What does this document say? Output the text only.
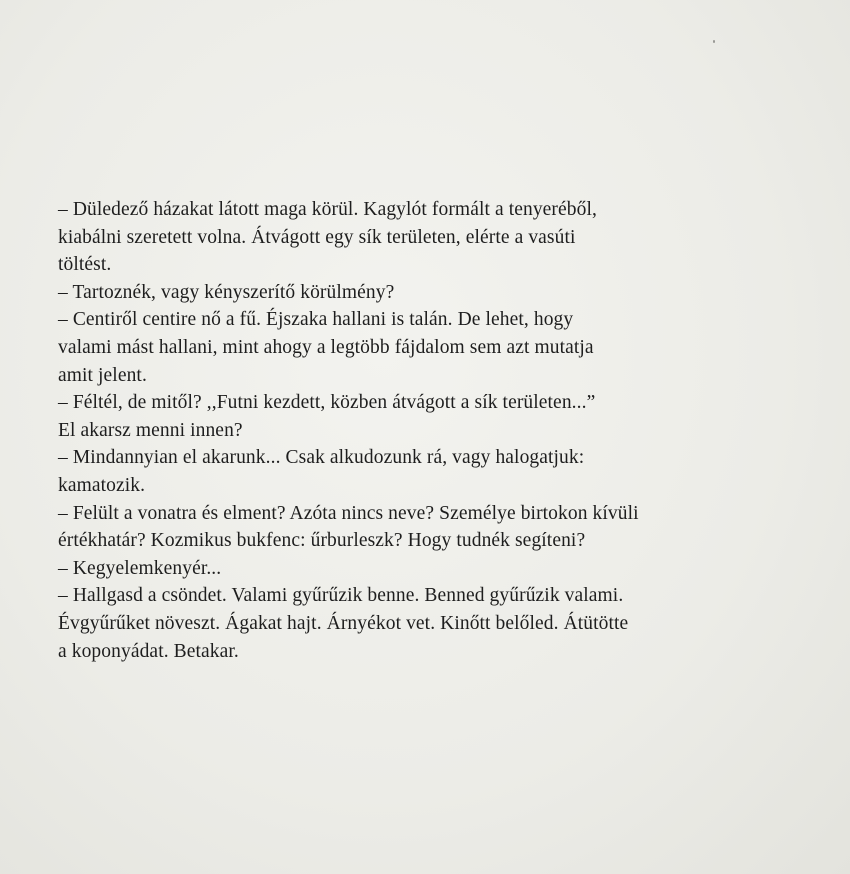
– Düledező házakat látott maga körül. Kagylót formált a tenyeréből,
kiabálni szeretett volna. Átvágott egy sík területen, elérte a vasúti
töltést.
– Tartoznék, vagy kényszerítő körülmény?
– Centiről centire nő a fű. Éjszaka hallani is talán. De lehet, hogy
valami mást hallani, mint ahogy a legtöbb fájdalom sem azt mutatja
amit jelent.
– Féltél, de mitől? ,,Futni kezdett, közben átvágott a sík területen...”
El akarsz menni innen?
– Mindannyian el akarunk... Csak alkudozunk rá, vagy halogatjuk:
kamatozik.
– Felült a vonatra és elment? Azóta nincs neve? Személye birtokon kívüli
értékhatár? Kozmikus bukfenc: űrburleszk? Hogy tudnék segíteni?
– Kegyelemkenyér...
– Hallgasd a csöndet. Valami gyűrűzik benne. Benned gyűrűzik valami.
Évgyűrűket növeszt. Ágakat hajt. Árnyékot vet. Kinőtt belőled. Átütötte
a koponyádat. Betakar.
